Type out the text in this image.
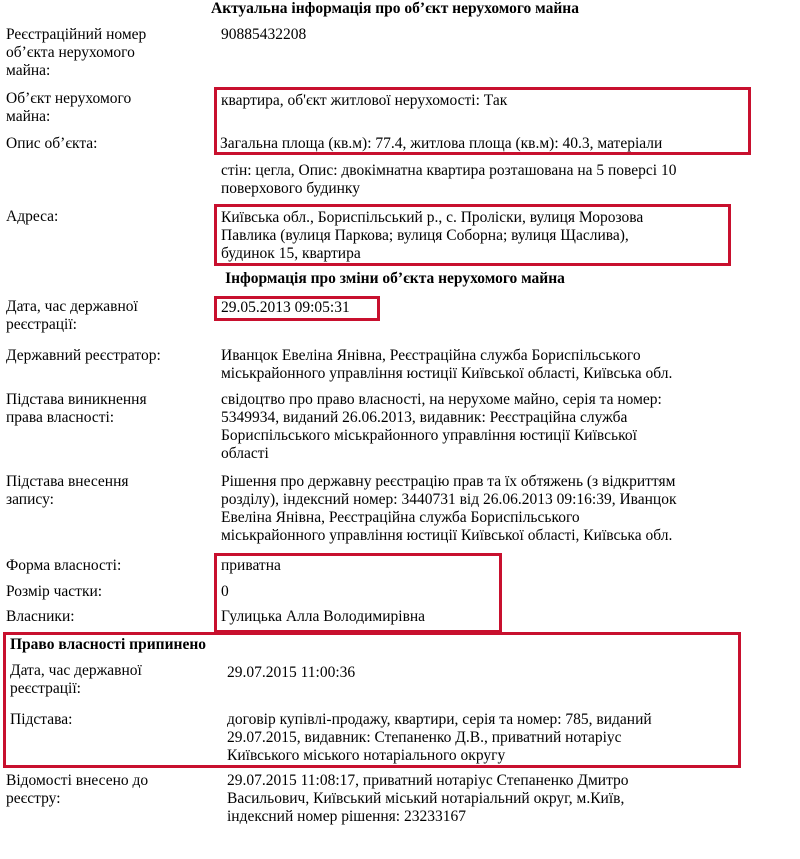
Актуальна інформація про об’єкт нерухомого майна
Реєстраційний номер
об’єкта нерухомого
майна:
90885432208
Об’єкт нерухомого
майна:
квартира, об'єкт житлової нерухомості: Так
Опис об’єкта:	Загальна площа (кв.м): 77.4, житлова площа (кв.м): 40.3, матеріали
стін: цегла, Опис: двокімнатна квартира розташована на 5 поверсі 10
поверхового будинку
Адреса:	Київська обл., Бориспільський р., с. Проліски, вулиця Морозова
Павлика (вулиця Паркова; вулиця Соборна; вулиця Щаслива),
будинок 15, квартира
Інформація про зміни об’єкта нерухомого майна
Дата, час державної
реєстрації:
29.05.2013 09:05:31
Державний реєстратор:	Иванцок Евеліна Янівна, Реєстраційна служба Бориспільського
міськрайонного управління юстиції Київської області, Київська обл.
Підстава виникнення
права власності:
свідоцтво про право власності, на нерухоме майно, серія та номер:
5349934, виданий 26.06.2013, видавник: Реєстраційна служба
Бориспільського міськрайонного управління юстиції Київської
області
Підстава внесення
запису:
Рішення про державну реєстрацію прав та їх обтяжень (з відкриттям
розділу), індексний номер: 3440731 від 26.06.2013 09:16:39, Иванцок
Евеліна Янівна, Реєстраційна служба Бориспільського
міськрайонного управління юстиції Київської області, Київська обл.
Форма власності:	приватна
Розмір частки:	0
Власники:	Гулицька Алла Володимирівна
Право власності припинено
Дата, час державної
реєстрації:
29.07.2015 11:00:36
Підстава:	договір купівлі-продажу, квартири, серія та номер: 785, виданий
29.07.2015, видавник: Степаненко Д.В., приватний нотаріус
Київського міського нотаріального округу
Відомості внесено до
реєстру:
29.07.2015 11:08:17, приватний нотаріус Степаненко Дмитро
Васильович, Київський міський нотаріальний округ, м.Київ,
індексний номер рішення: 23233167
